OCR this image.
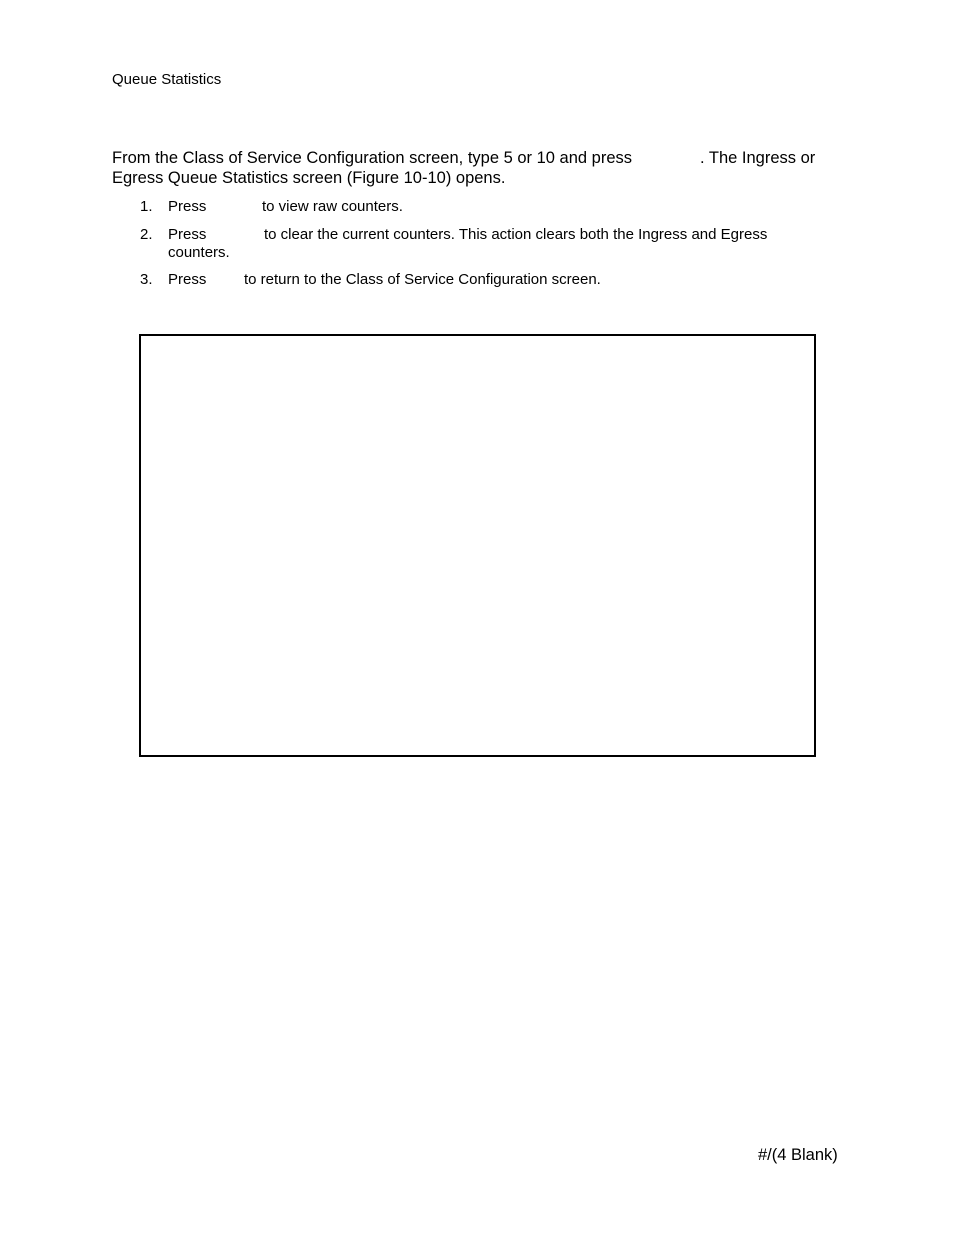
Queue Statistics
From the Class of Service Configuration screen, type 5 or 10 and press	. The Ingress or
Egress Queue Statistics screen (Figure 10-10) opens.
1. Press	to view raw counters.
2. Press	to clear the current counters. This action clears both the Ingress and Egress
counters.
3. Press	to return to the Class of Service Configuration screen.
#/(4 Blank)
